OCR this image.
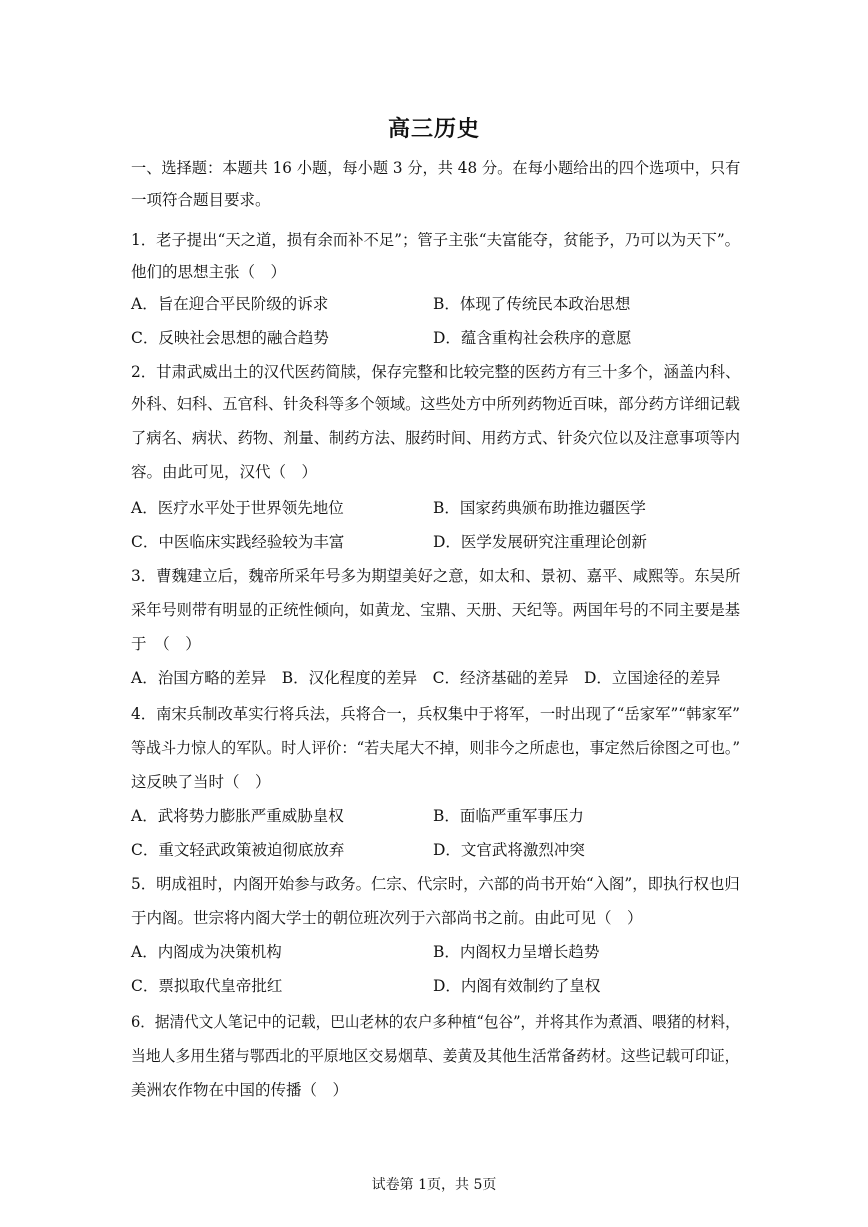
高三历史
一、选择题：本题共 16 小题，每小题 3 分，共 48 分。在每小题给出的四个选项中，只有
一项符合题目要求。
1．老子提出“天之道，损有余而补不足”；管子主张“夫富能夺，贫能予，乃可以为天下”。
他们的思想主张（　）
A．旨在迎合平民阶级的诉求	B．体现了传统民本政治思想
C．反映社会思想的融合趋势	D．蕴含重构社会秩序的意愿
2．甘肃武威出土的汉代医药简牍，保存完整和比较完整的医药方有三十多个，涵盖内科、
外科、妇科、五官科、针灸科等多个领域。这些处方中所列药物近百味，部分药方详细记载
了病名、病状、药物、剂量、制药方法、服药时间、用药方式、针灸穴位以及注意事项等内
容。由此可见，汉代（　）
A．医疗水平处于世界领先地位	B．国家药典颁布助推边疆医学
C．中医临床实践经验较为丰富	D．医学发展研究注重理论创新
3．曹魏建立后，魏帝所采年号多为期望美好之意，如太和、景初、嘉平、咸熙等。东吴所
采年号则带有明显的正统性倾向，如黄龙、宝鼎、天册、天纪等。两国年号的不同主要是基
于　（　）
A．治国方略的差异　B．汉化程度的差异　C．经济基础的差异　D．立国途径的差异
4．南宋兵制改革实行将兵法，兵将合一，兵权集中于将军，一时出现了“岳家军”“韩家军”
等战斗力惊人的军队。时人评价：“若夫尾大不掉，则非今之所虑也，事定然后徐图之可也。”
这反映了当时（　）
A．武将势力膨胀严重威胁皇权	B．面临严重军事压力
C．重文轻武政策被迫彻底放弃	D．文官武将激烈冲突
5．明成祖时，内阁开始参与政务。仁宗、代宗时，六部的尚书开始“入阁”，即执行权也归
于内阁。世宗将内阁大学士的朝位班次列于六部尚书之前。由此可见（　）
A．内阁成为决策机构	B．内阁权力呈增长趋势
C．票拟取代皇帝批红	D．内阁有效制约了皇权
6．据清代文人笔记中的记载，巴山老林的农户多种植“包谷”，并将其作为煮酒、喂猪的材料，
当地人多用生猪与鄂西北的平原地区交易烟草、姜黄及其他生活常备药材。这些记载可印证，
美洲农作物在中国的传播（　）
试卷第 1页，共 5页
